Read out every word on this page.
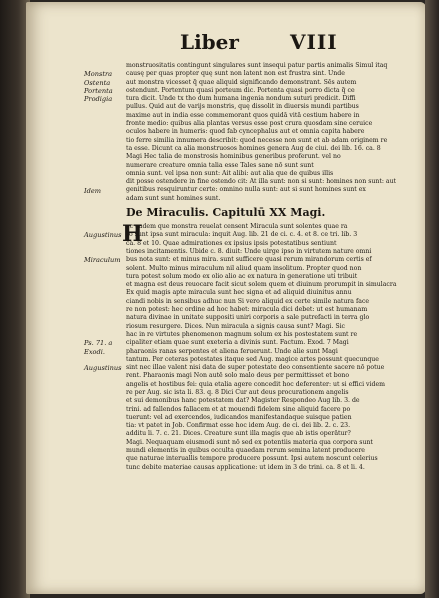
Liber	VIII
monstruositatis contingunt singulares sunt insequi patur partis animalis Simul itaq
causę per quas propter quę sunt non latent non est frustra sint. Unde
aut monstra vicesset q̃ quae aliquid significando demonstrant. Sēs autem
ostendunt. Portentum quasi porteum dic. Portenta quasi porro dicta q̃ ce
tura dicit. Unde tx tho dum humana ingenia nondum suturi predicit. Diffi
pullus. Quid aut de varijs monstris, quę dissolit in diuersis mundi partibus
maxime aut in india esse commemorant quos quidā vitā cestium habere in
fronte medio: quibus alia plantas versus esse post crura quosdam sine ceruice
oculos habere in humeris: quod fab cyncephalus aut et omnia capita habere
tio ferre similia innumera describit: quod necesse non sunt et ab adam originem re
ta esse. Dicunt ca alia monstruosos homines genera Aug de ciui. dei lib. 16. ca. 8
Magi Hec talia de monstrosis hominibus generibus proferunt. vel no
numerare creature omnia talia esse Tales sane nō sunt sunt
omnia sunt. vel ipsa non sunt: Ait alibi: aut alia que de quibus illis
dit posse ostendere in fine ostendo cit: At illa sunt: non si sunt: homines non sunt: aut
genitibus resquiruntur certe: omnino nulla sunt: aut si sunt homines sunt ex
adam sunt sunt homines sunt.
De Miraculis. Capitulū XX Magi.
ec eadem que monstra reuelat censent Miracula sunt solentes quae ra
ro sunt ipsa sunt miracula: inquit Aug. lib. 21 de ci. c. 4. et 8. ce tri. lib. 3
ca. 8 et 10. Quae admirationes ex ipsius ipsis potestatibus sentiunt
tiones incitamentis. Ubide c. 8. diuit: Unde uirge ipso in virtutem nature omni
bus nota sunt: et minus mira. sunt sufficere quasi rerum mirandorum certis ef
solent. Multo minus miraculum nil aliud quam insolitum. Propter quod non
tura potest solum modo ex olio alio ac ex natura in generatione uti tribuit
et magna est deus reuocare facit sicut solem quem et diuinum prorumpit in simulacra
Ex quid magis apte miracula sunt hec signa et ad aliquid diuinitus annu
ciandi nobis in sensibus adhuc nun Si vero aliquid ex certe simile natura face
re non potest: hec ordine ad hoc habet: miracula dici debet: ut est humanam
natura divinae in unitate suppositi uniri corporis a sale putrefacti in terra glo
riosum resurgere. Dices. Nun miracula a signis causa sunt? Magi. Sic
hac in re virtutes phenomenon magnum solum ex his postestatem sunt re
cipaliter etiam quae sunt exeteria a divinis sunt. Factum. Exod. 7 Magi
pharaonis ranas serpentes et aliena feruerunt. Unde alie sunt Magi
tantum. Per ceteras potestates itaque sed Aug. magice artes possunt quecunque
sint nec illae valent nisi data de super potestate deo consentiente sacere nō potue
rent. Pharaonis magi Non autē solo malo deus per permittisset et bono
angelis et hostibus fei: quia etalia agere concedit hoc deferenter: ut si effici videm
re per Aug. sic ista li. 83. q. 8 Dici Cur aut deus procurationem angelis
et sui demonibus hanc potestatem dat? Magister Respondeo Aug lib. 3. de
trini. ad fallendos fallacem et at mouendi fidelem sine aliquid facere po
tuerunt: vel ad exercendos, iudicandos manifestandaque suisque patien
tia: vt patet in Job. Confirmat esse hoc idem Aug. de ci. dei lib. 2. c. 23.
additu li. 7. c. 21. Dices. Creature sunt illa magis que ab istis operātur?
Magi. Nequaquam eiusmodi sunt nō sed ex potentiis materia qua corpora sunt
mundi elementis in quibus occulta quaedam rerum semina latent producere
que naturae interuallis tempore producere possunt. Ipsi autem noscunt celerius
tunc debite materiae causas applicatione: ut idem in 3 de trini. ca. 8 et li. 4.
H
Monstra
Ostenta
Portenta
Prodigia
Idem
Augustinus
Miraculum
Ps. 71. a
Exodi.
Augustinus
